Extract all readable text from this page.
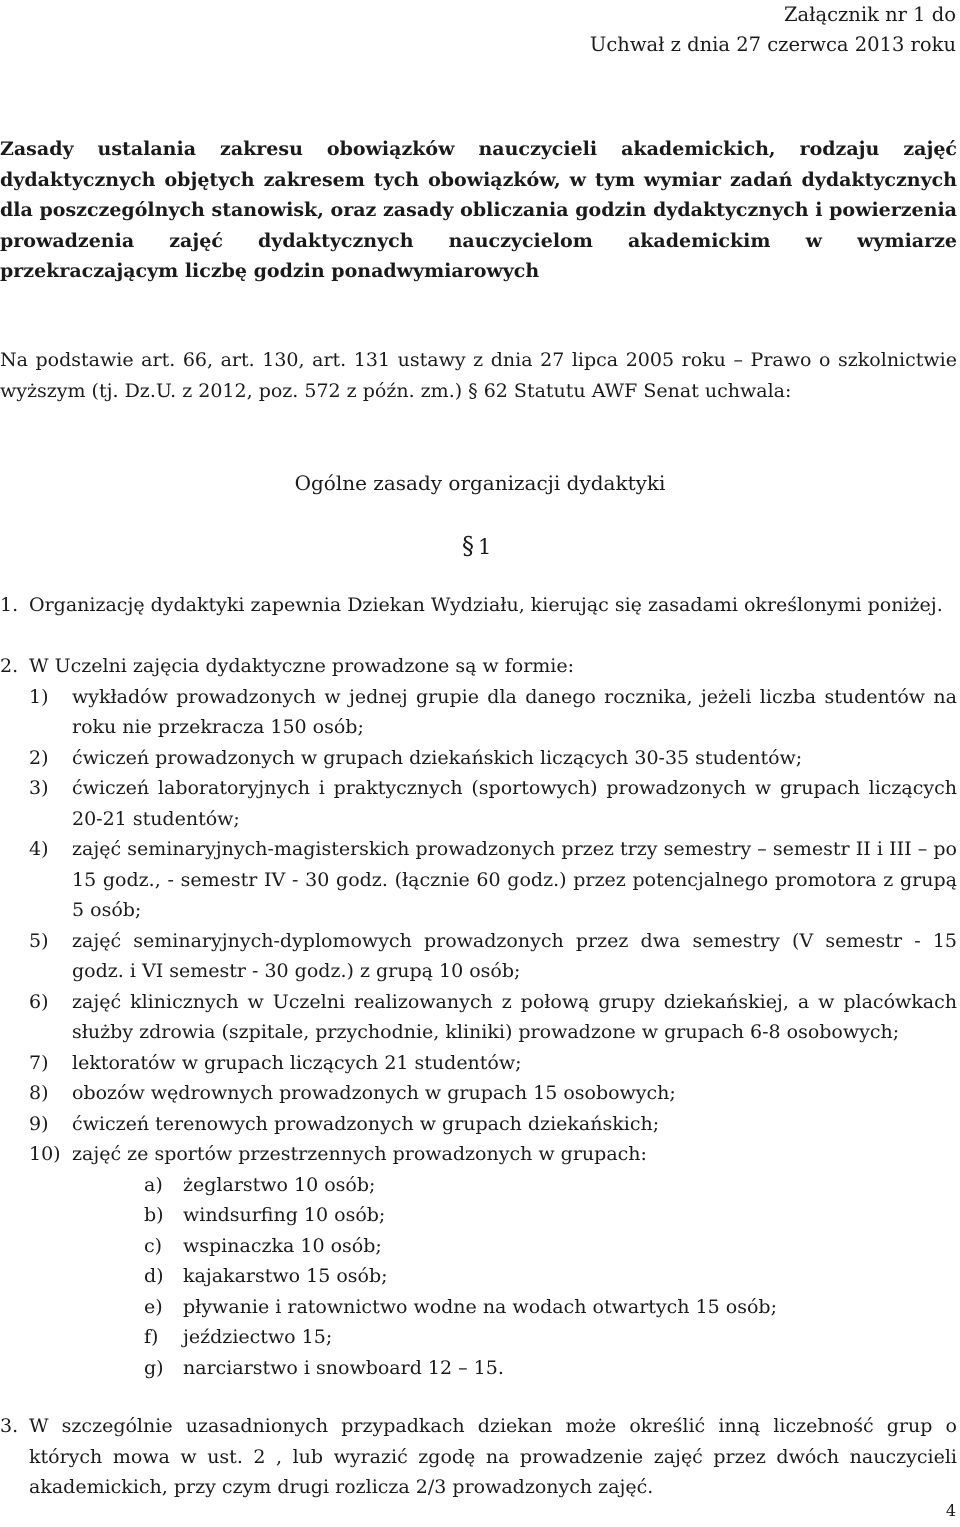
Załącznik nr 1 do
Uchwał z dnia 27 czerwca 2013 roku
Zasady ustalania zakresu obowiązków nauczycieli akademickich, rodzaju zajęć dydaktycznych objętych zakresem tych obowiązków, w tym wymiar zadań dydaktycznych dla poszczególnych stanowisk, oraz zasady obliczania godzin dydaktycznych i powierzenia prowadzenia zajęć dydaktycznych nauczycielom akademickim w wymiarze przekraczającym liczbę godzin ponadwymiarowych
Na podstawie art. 66, art. 130, art. 131 ustawy z dnia 27 lipca 2005 roku – Prawo o szkolnictwie wyższym (tj. Dz.U. z 2012, poz. 572 z późn. zm.) § 62 Statutu AWF Senat uchwala:
Ogólne zasady organizacji dydaktyki
§ 1
1. Organizację dydaktyki zapewnia Dziekan Wydziału, kierując się zasadami określonymi poniżej.
2. W Uczelni zajęcia dydaktyczne prowadzone są w formie:
1) wykładów prowadzonych w jednej grupie dla danego rocznika, jeżeli liczba studentów na roku nie przekracza 150 osób;
2) ćwiczeń prowadzonych w grupach dziekańskich liczących 30-35 studentów;
3) ćwiczeń laboratoryjnych i praktycznych (sportowych) prowadzonych w grupach liczących 20-21 studentów;
4) zajęć seminaryjnych-magisterskich prowadzonych przez trzy semestry – semestr II i III – po 15 godz., - semestr IV - 30 godz. (łącznie 60 godz.) przez potencjalnego promotora z grupą 5 osób;
5) zajęć seminaryjnych-dyplomowych prowadzonych przez dwa semestry (V semestr - 15 godz. i VI semestr - 30 godz.) z grupą 10 osób;
6) zajęć klinicznych w Uczelni realizowanych z połową grupy dziekańskiej, a w placówkach służby zdrowia (szpitale, przychodnie, kliniki) prowadzone w grupach 6-8 osobowych;
7) lektoratów w grupach liczących 21 studentów;
8) obozów wędrownych prowadzonych w grupach 15 osobowych;
9) ćwiczeń terenowych prowadzonych w grupach dziekańskich;
10) zajęć ze sportów przestrzennych prowadzonych w grupach:
a) żeglarstwo 10 osób;
b) windsurfing 10 osób;
c) wspinaczka 10 osób;
d) kajakarstwo 15 osób;
e) pływanie i ratownictwo wodne na wodach otwartych 15 osób;
f) jeździectwo 15;
g) narciarstwo i snowboard 12 – 15.
3. W szczególnie uzasadnionych przypadkach dziekan może określić inną liczebność grup o których mowa w ust. 2 , lub wyrazić zgodę na prowadzenie zajęć przez dwóch nauczycieli akademickich, przy czym drugi rozlicza 2/3 prowadzonych zajęć.
4
